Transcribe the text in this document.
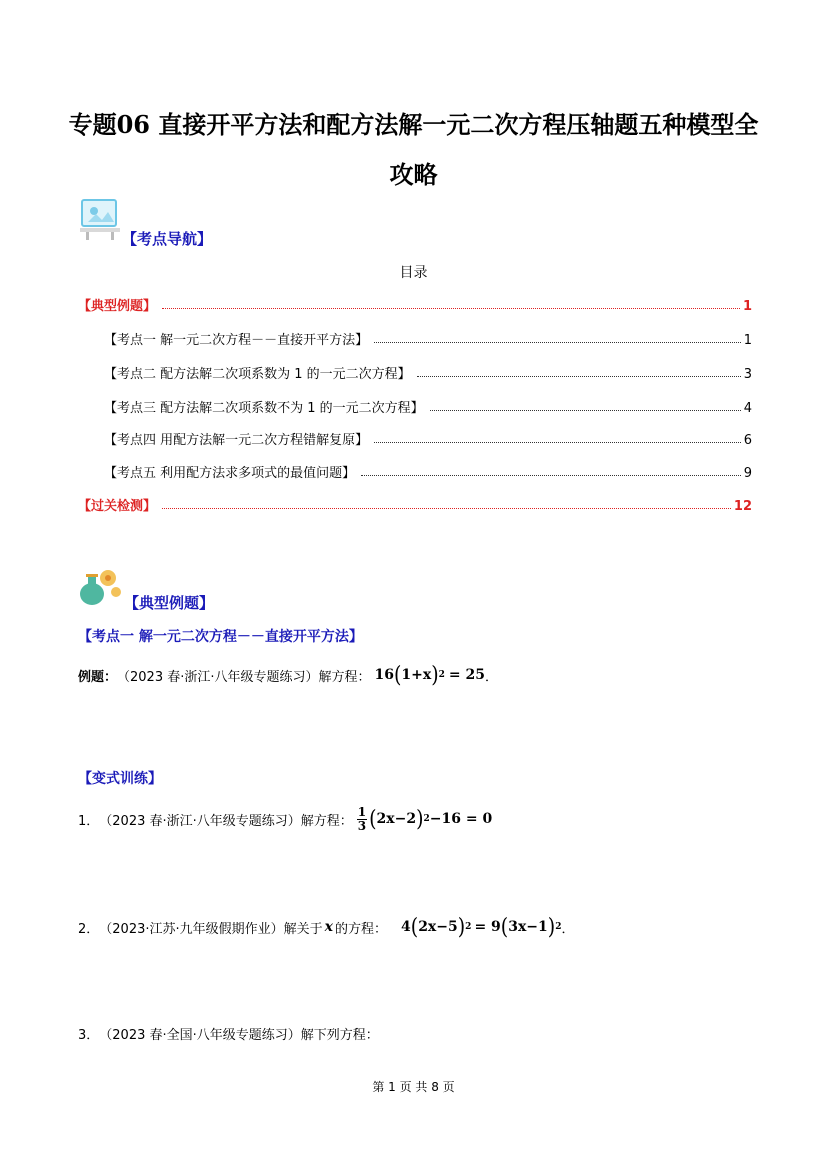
专题06 直接开平方法和配方法解一元二次方程压轴题五种模型全攻略
【考点导航】
目录
【典型例题】	1
【考点一 解一元二次方程－－直接开平方法】	1
【考点二 配方法解二次项系数为 1 的一元二次方程】	3
【考点三 配方法解二次项系数不为 1 的一元二次方程】	4
【考点四 用配方法解一元二次方程错解复原】	6
【考点五 利用配方法求多项式的最值问题】	9
【过关检测】	12
【典型例题】
【考点一 解一元二次方程－－直接开平方法】
例题： （2023 春·浙江·八年级专题练习）解方程： 16 ( 1+x ) 2 = 25 ．
【变式训练】
1． （2023 春·浙江·八年级专题练习）解方程： $\frac{1}{3}$ ( 2x−2 ) 2 −16 = 0
2． （2023·江苏·九年级假期作业）解关于 x 的方程： 4 ( 2x−5 ) 2 = 9 ( 3x−1 ) 2 ．
3． （2023 春·全国·八年级专题练习）解下列方程：
第 1 页 共 8 页
